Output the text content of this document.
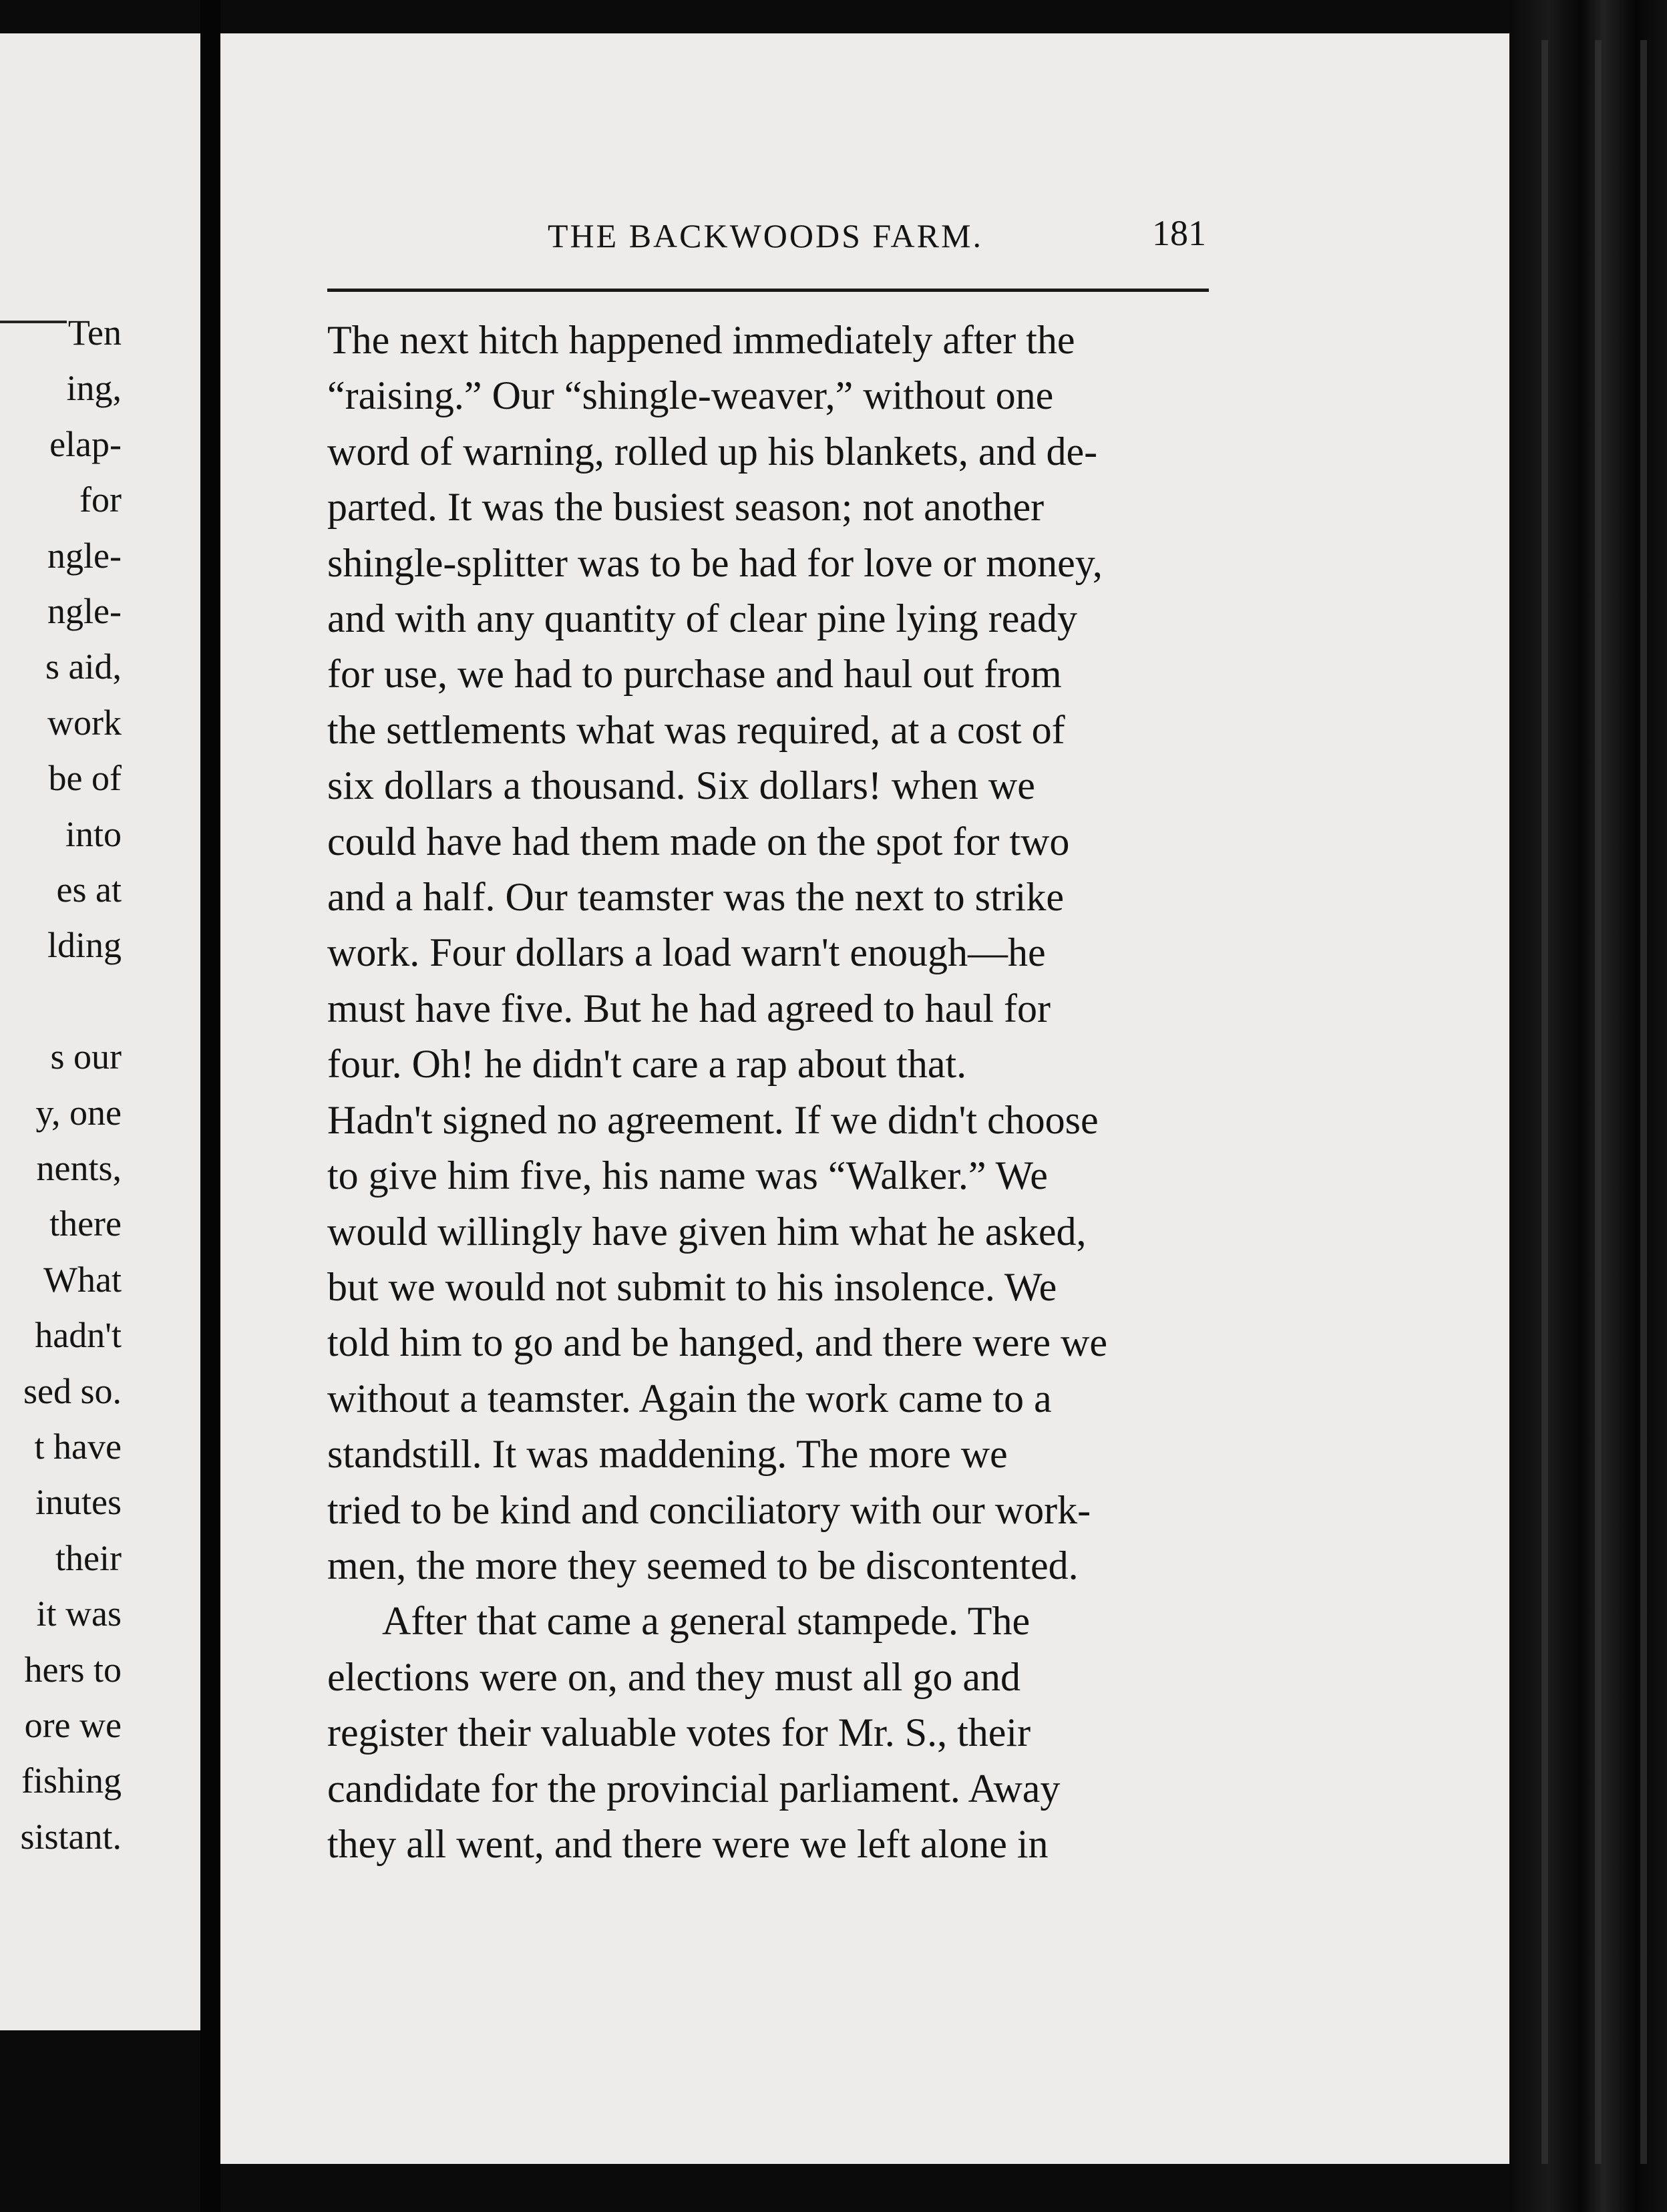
Ten
ing,
elap-
for
ngle-
ngle-
s aid,
work
be of
into
es at
lding
s our
y, one
nents,
there
What
hadn't
sed so.
t have
inutes
their
it was
hers to
ore we
fishing
sistant.
THE BACKWOODS FARM.	181
The next hitch happened immediately after the
“raising.” Our “shingle-weaver,” without one
word of warning, rolled up his blankets, and de-
parted. It was the busiest season; not another
shingle-splitter was to be had for love or money,
and with any quantity of clear pine lying ready
for use, we had to purchase and haul out from
the settlements what was required, at a cost of
six dollars a thousand. Six dollars! when we
could have had them made on the spot for two
and a half. Our teamster was the next to strike
work. Four dollars a load warn't enough—he
must have five. But he had agreed to haul for
four. Oh! he didn't care a rap about that.
Hadn't signed no agreement. If we didn't choose
to give him five, his name was “Walker.” We
would willingly have given him what he asked,
but we would not submit to his insolence. We
told him to go and be hanged, and there were we
without a teamster. Again the work came to a
standstill. It was maddening. The more we
tried to be kind and conciliatory with our work-
men, the more they seemed to be discontented.
After that came a general stampede. The
elections were on, and they must all go and
register their valuable votes for Mr. S., their
candidate for the provincial parliament. Away
they all went, and there were we left alone in
